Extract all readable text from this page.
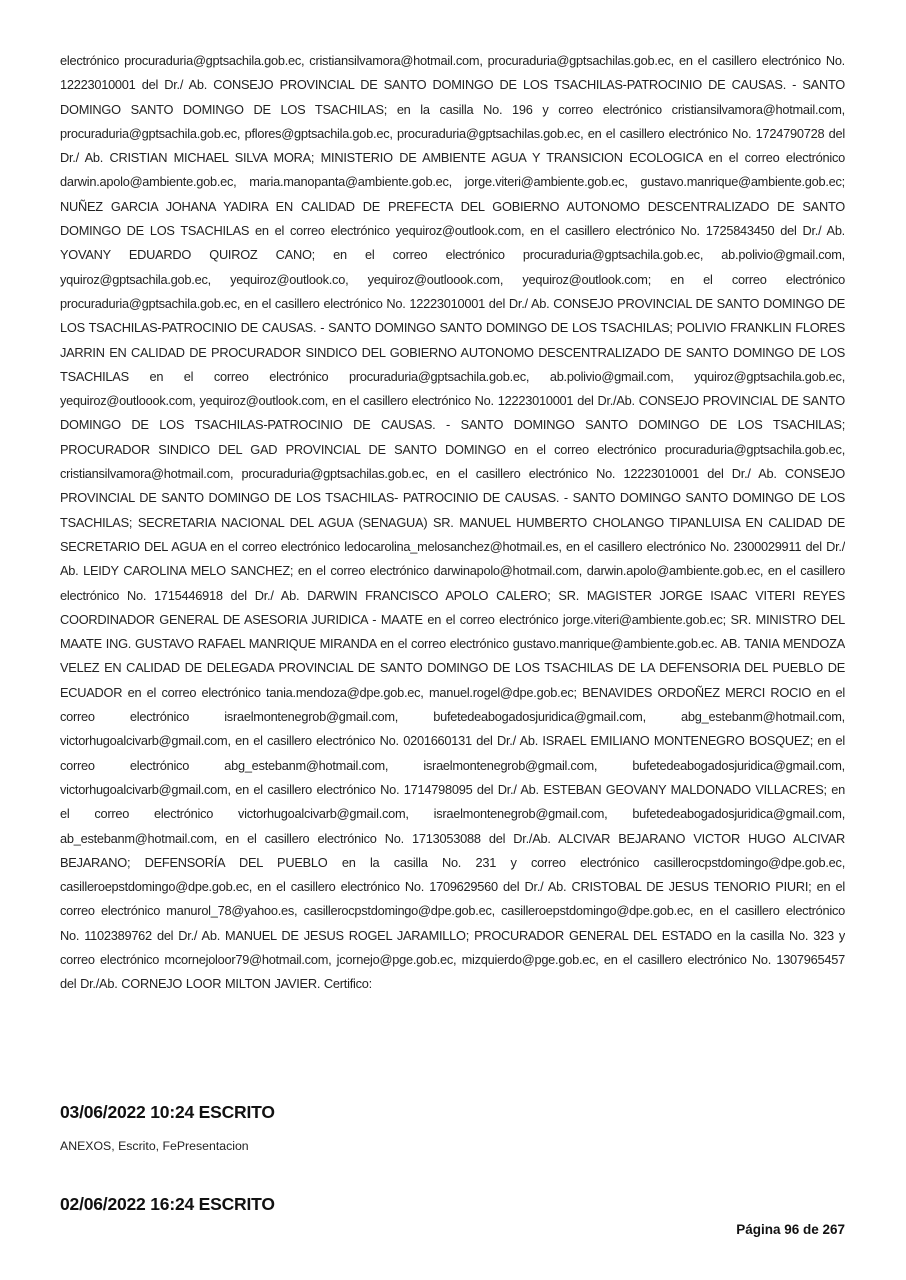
electrónico procuraduria@gptsachila.gob.ec, cristiansilvamora@hotmail.com, procuraduria@gptsachilas.gob.ec, en el casillero electrónico No. 12223010001 del Dr./ Ab. CONSEJO PROVINCIAL DE SANTO DOMINGO DE LOS TSACHILAS-PATROCINIO DE CAUSAS. - SANTO DOMINGO SANTO DOMINGO DE LOS TSACHILAS; en la casilla No. 196 y correo electrónico cristiansilvamora@hotmail.com, procuraduria@gptsachila.gob.ec, pflores@gptsachila.gob.ec, procuraduria@gptsachilas.gob.ec, en el casillero electrónico No. 1724790728 del Dr./ Ab. CRISTIAN MICHAEL SILVA MORA; MINISTERIO DE AMBIENTE AGUA Y TRANSICION ECOLOGICA en el correo electrónico darwin.apolo@ambiente.gob.ec, maria.manopanta@ambiente.gob.ec, jorge.viteri@ambiente.gob.ec, gustavo.manrique@ambiente.gob.ec; NUÑEZ GARCIA JOHANA YADIRA EN CALIDAD DE PREFECTA DEL GOBIERNO AUTONOMO DESCENTRALIZADO DE SANTO DOMINGO DE LOS TSACHILAS en el correo electrónico yequiroz@outlook.com, en el casillero electrónico No. 1725843450 del Dr./ Ab. YOVANY EDUARDO QUIROZ CANO; en el correo electrónico procuraduria@gptsachila.gob.ec, ab.polivio@gmail.com, yquiroz@gptsachila.gob.ec, yequiroz@outlook.co, yequiroz@outloook.com, yequiroz@outlook.com; en el correo electrónico procuraduria@gptsachila.gob.ec, en el casillero electrónico No. 12223010001 del Dr./ Ab. CONSEJO PROVINCIAL DE SANTO DOMINGO DE LOS TSACHILAS-PATROCINIO DE CAUSAS. - SANTO DOMINGO SANTO DOMINGO DE LOS TSACHILAS; POLIVIO FRANKLIN FLORES JARRIN EN CALIDAD DE PROCURADOR SINDICO DEL GOBIERNO AUTONOMO DESCENTRALIZADO DE SANTO DOMINGO DE LOS TSACHILAS en el correo electrónico procuraduria@gptsachila.gob.ec, ab.polivio@gmail.com, yquiroz@gptsachila.gob.ec, yequiroz@outloook.com, yequiroz@outlook.com, en el casillero electrónico No. 12223010001 del Dr./Ab. CONSEJO PROVINCIAL DE SANTO DOMINGO DE LOS TSACHILAS-PATROCINIO DE CAUSAS. - SANTO DOMINGO SANTO DOMINGO DE LOS TSACHILAS; PROCURADOR SINDICO DEL GAD PROVINCIAL DE SANTO DOMINGO en el correo electrónico procuraduria@gptsachila.gob.ec, cristiansilvamora@hotmail.com, procuraduria@gptsachilas.gob.ec, en el casillero electrónico No. 12223010001 del Dr./ Ab. CONSEJO PROVINCIAL DE SANTO DOMINGO DE LOS TSACHILAS- PATROCINIO DE CAUSAS. - SANTO DOMINGO SANTO DOMINGO DE LOS TSACHILAS; SECRETARIA NACIONAL DEL AGUA (SENAGUA) SR. MANUEL HUMBERTO CHOLANGO TIPANLUISA EN CALIDAD DE SECRETARIO DEL AGUA en el correo electrónico ledocarolina_melosanchez@hotmail.es, en el casillero electrónico No. 2300029911 del Dr./ Ab. LEIDY CAROLINA MELO SANCHEZ; en el correo electrónico darwinapolo@hotmail.com, darwin.apolo@ambiente.gob.ec, en el casillero electrónico No. 1715446918 del Dr./ Ab. DARWIN FRANCISCO APOLO CALERO; SR. MAGISTER JORGE ISAAC VITERI REYES COORDINADOR GENERAL DE ASESORIA JURIDICA - MAATE en el correo electrónico jorge.viteri@ambiente.gob.ec; SR. MINISTRO DEL MAATE ING. GUSTAVO RAFAEL MANRIQUE MIRANDA en el correo electrónico gustavo.manrique@ambiente.gob.ec. AB. TANIA MENDOZA VELEZ EN CALIDAD DE DELEGADA PROVINCIAL DE SANTO DOMINGO DE LOS TSACHILAS DE LA DEFENSORIA DEL PUEBLO DE ECUADOR en el correo electrónico tania.mendoza@dpe.gob.ec, manuel.rogel@dpe.gob.ec; BENAVIDES ORDOÑEZ MERCI ROCIO en el correo electrónico israelmontenegrob@gmail.com, bufetedeabogadosjuridica@gmail.com, abg_estebanm@hotmail.com, victorhugoalcivarb@gmail.com, en el casillero electrónico No. 0201660131 del Dr./ Ab. ISRAEL EMILIANO MONTENEGRO BOSQUEZ; en el correo electrónico abg_estebanm@hotmail.com, israelmontenegrob@gmail.com, bufetedeabogadosjuridica@gmail.com, victorhugoalcivarb@gmail.com, en el casillero electrónico No. 1714798095 del Dr./ Ab. ESTEBAN GEOVANY MALDONADO VILLACRES; en el correo electrónico victorhugoalcivarb@gmail.com, israelmontenegrob@gmail.com, bufetedeabogadosjuridica@gmail.com, ab_estebanm@hotmail.com, en el casillero electrónico No. 1713053088 del Dr./Ab. ALCIVAR BEJARANO VICTOR HUGO ALCIVAR BEJARANO; DEFENSORÍA DEL PUEBLO en la casilla No. 231 y correo electrónico casillerocpstdomingo@dpe.gob.ec, casilleroepstdomingo@dpe.gob.ec, en el casillero electrónico No. 1709629560 del Dr./ Ab. CRISTOBAL DE JESUS TENORIO PIURI; en el correo electrónico manurol_78@yahoo.es, casillerocpstdomingo@dpe.gob.ec, casilleroepstdomingo@dpe.gob.ec, en el casillero electrónico No. 1102389762 del Dr./ Ab. MANUEL DE JESUS ROGEL JARAMILLO; PROCURADOR GENERAL DEL ESTADO en la casilla No. 323 y correo electrónico mcornejoloor79@hotmail.com, jcornejo@pge.gob.ec, mizquierdo@pge.gob.ec, en el casillero electrónico No. 1307965457 del Dr./Ab. CORNEJO LOOR MILTON JAVIER. Certifico:

03/06/2022 10:24 ESCRITO

ANEXOS, Escrito, FePresentacion

02/06/2022 16:24 ESCRITO
Página 96 de 267
